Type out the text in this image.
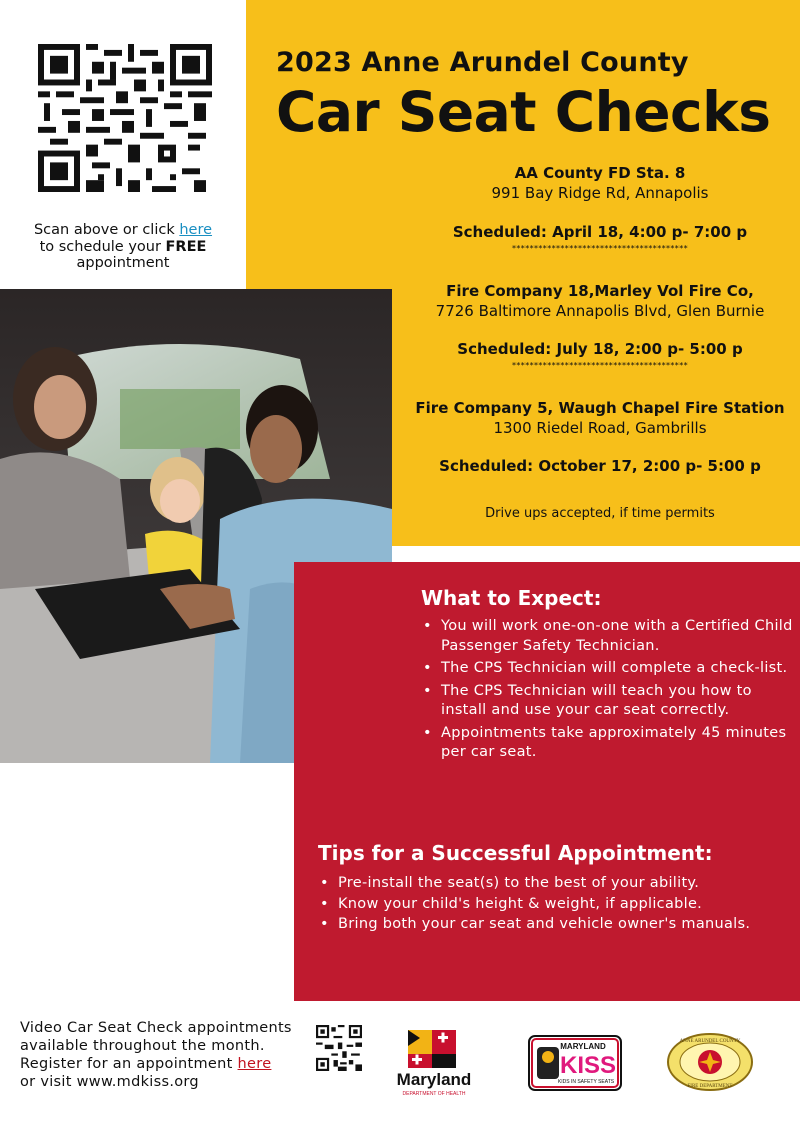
2023 Anne Arundel County
Car Seat Checks
AA County FD Sta. 8
991 Bay Ridge Rd, Annapolis
Scheduled: April 18, 4:00 p- 7:00 p
****************************************
Fire Company 18,Marley Vol Fire Co,
7726 Baltimore Annapolis Blvd, Glen Burnie
Scheduled: July 18, 2:00 p- 5:00 p
****************************************
Fire Company 5, Waugh Chapel Fire Station
1300 Riedel Road, Gambrills
Scheduled: October 17, 2:00 p- 5:00 p
Drive ups accepted, if time permits
Scan above or click here
to schedule your FREE
appointment
What to Expect:
• You will work one-on-one with a Certified Child Passenger Safety Technician.
• The CPS Technician will complete a check-list.
• The CPS Technician will teach you how to install and use your car seat correctly.
• Appointments take approximately 45 minutes per car seat.
Tips for a Successful Appointment:
• Pre-install the seat(s) to the best of your ability.
• Know your child's height & weight, if applicable.
• Bring both your car seat and vehicle owner's manuals.
Video Car Seat Check appointments
available throughout the month.
Register for an appointment here
or visit www.mdkiss.org	Maryland
DEPARTMENT OF HEALTH
MARYLAND
KISS
KIDS IN SAFETY SEATS
ANNE ARUNDEL COUNTY
FIRE DEPARTMENT
